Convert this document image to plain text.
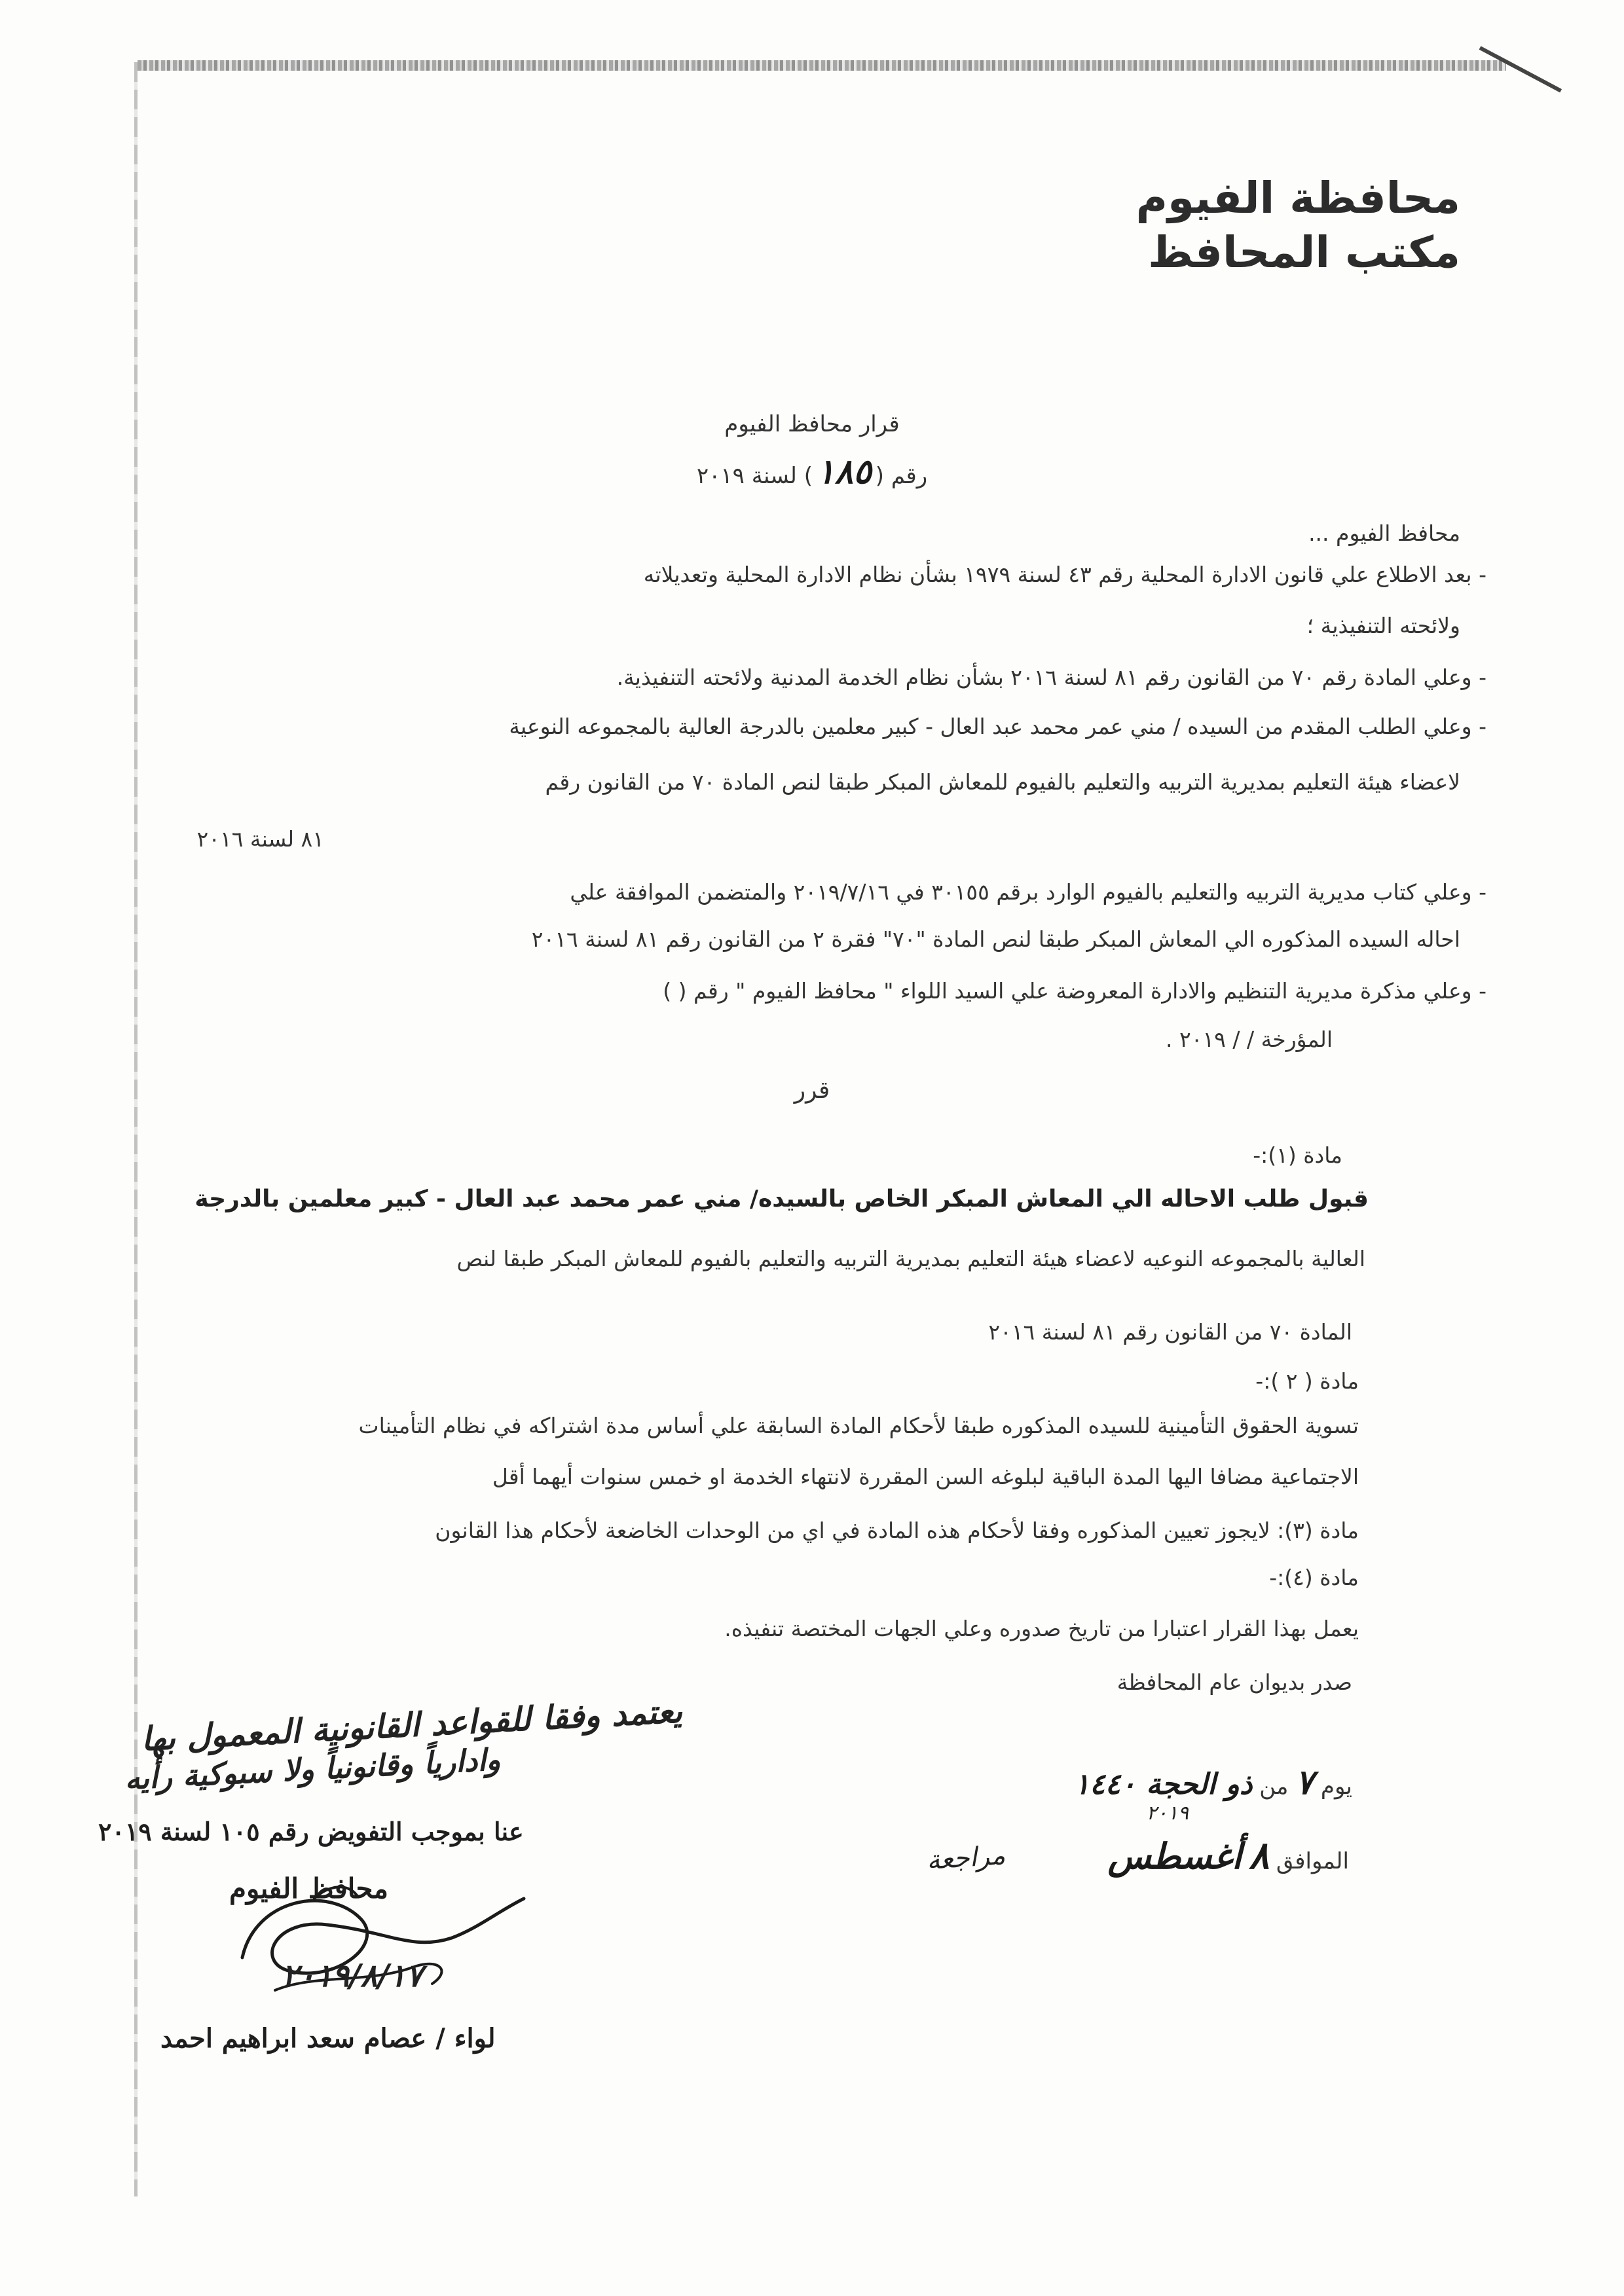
محافظة الفيوم
مكتب المحافظ
قرار محافظ الفيوم
رقم (١٨٥) لسنة ٢٠١٩
محافظ الفيوم ...
- بعد الاطلاع علي قانون الادارة المحلية رقم ٤٣ لسنة ١٩٧٩ بشأن نظام الادارة المحلية وتعديلاته
ولائحته التنفيذية ؛
- وعلي المادة رقم ٧٠ من القانون رقم ٨١ لسنة ٢٠١٦ بشأن نظام الخدمة المدنية ولائحته التنفيذية.
- وعلي الطلب المقدم من السيده / مني عمر محمد عبد العال - كبير معلمين بالدرجة العالية بالمجموعه النوعية
لاعضاء هيئة التعليم بمديرية التربيه والتعليم بالفيوم للمعاش المبكر طبقا لنص المادة ٧٠ من القانون رقم
٨١ لسنة ٢٠١٦
- وعلي كتاب مديرية التربيه والتعليم بالفيوم الوارد برقم ٣٠١٥٥ في ٢٠١٩/٧/١٦ والمتضمن الموافقة علي
احاله السيده المذكوره الي المعاش المبكر طبقا لنص المادة "٧٠" فقرة ٢ من القانون رقم ٨١ لسنة ٢٠١٦
- وعلي مذكرة مديرية التنظيم والادارة المعروضة علي السيد اللواء " محافظ الفيوم " رقم ( )
المؤرخة / / ٢٠١٩ .
قرر
مادة (١):-
قبول طلب الاحاله الي المعاش المبكر الخاص بالسيده/ مني عمر محمد عبد العال - كبير معلمين بالدرجة
العالية بالمجموعه النوعيه لاعضاء هيئة التعليم بمديرية التربيه والتعليم بالفيوم للمعاش المبكر طبقا لنص
المادة ٧٠ من القانون رقم ٨١ لسنة ٢٠١٦
مادة ( ٢ ):-
تسوية الحقوق التأمينية للسيده المذكوره طبقا لأحكام المادة السابقة علي أساس مدة اشتراكه في نظام التأمينات
الاجتماعية مضافا اليها المدة الباقية لبلوغه السن المقررة لانتهاء الخدمة او خمس سنوات أيهما أقل
مادة (٣): لايجوز تعيين المذكوره وفقا لأحكام هذه المادة في اي من الوحدات الخاضعة لأحكام هذا القانون
مادة (٤):-
يعمل بهذا القرار اعتبارا من تاريخ صدوره وعلي الجهات المختصة تنفيذه.
صدر بديوان عام المحافظة
يوم ٧ من ذو الحجة ١٤٤٠
الموافق ٨ أغسطس
٢٠١٩
مراجعة
يعتمد وفقا للقواعد القانونية المعمول بها
وادارياً وقانونياً ولا سبوكية رأيه
عنا بموجب التفويض رقم ١٠٥ لسنة ٢٠١٩
محافظ الفيوم
٢٠١٩/٨/١٧
لواء / عصام سعد ابراهيم احمد
